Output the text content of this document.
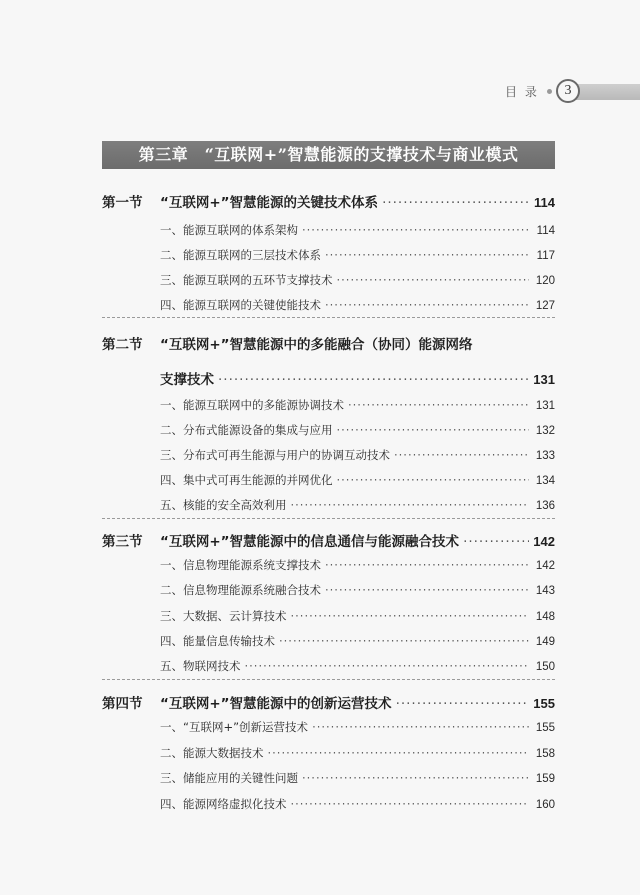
目 录	3
第三章　“互联网+”智慧能源的支撑技术与商业模式
第一节	“互联网+”智慧能源的关键技术体系 ·····	114
一、能源互联网的体系架构 ·····	114
二、能源互联网的三层技术体系 ·····	117
三、能源互联网的五环节支撑技术 ·····	120
四、能源互联网的关键使能技术 ·····	127
第二节	“互联网+”智慧能源中的多能融合（协同）能源网络
支撑技术 ·····	131
一、能源互联网中的多能源协调技术 ·····	131
二、分布式能源设备的集成与应用 ·····	132
三、分布式可再生能源与用户的协调互动技术 ·····	133
四、集中式可再生能源的并网优化 ·····	134
五、核能的安全高效利用 ·····	136
第三节	“互联网+”智慧能源中的信息通信与能源融合技术 ·····	142
一、信息物理能源系统支撑技术 ·····	142
二、信息物理能源系统融合技术 ·····	143
三、大数据、云计算技术 ·····	148
四、能量信息传输技术 ·····	149
五、物联网技术 ·····	150
第四节	“互联网+”智慧能源中的创新运营技术 ·····	155
一、“互联网+”创新运营技术 ·····	155
二、能源大数据技术 ·····	158
三、储能应用的关键性问题 ·····	159
四、能源网络虚拟化技术 ·····	160
